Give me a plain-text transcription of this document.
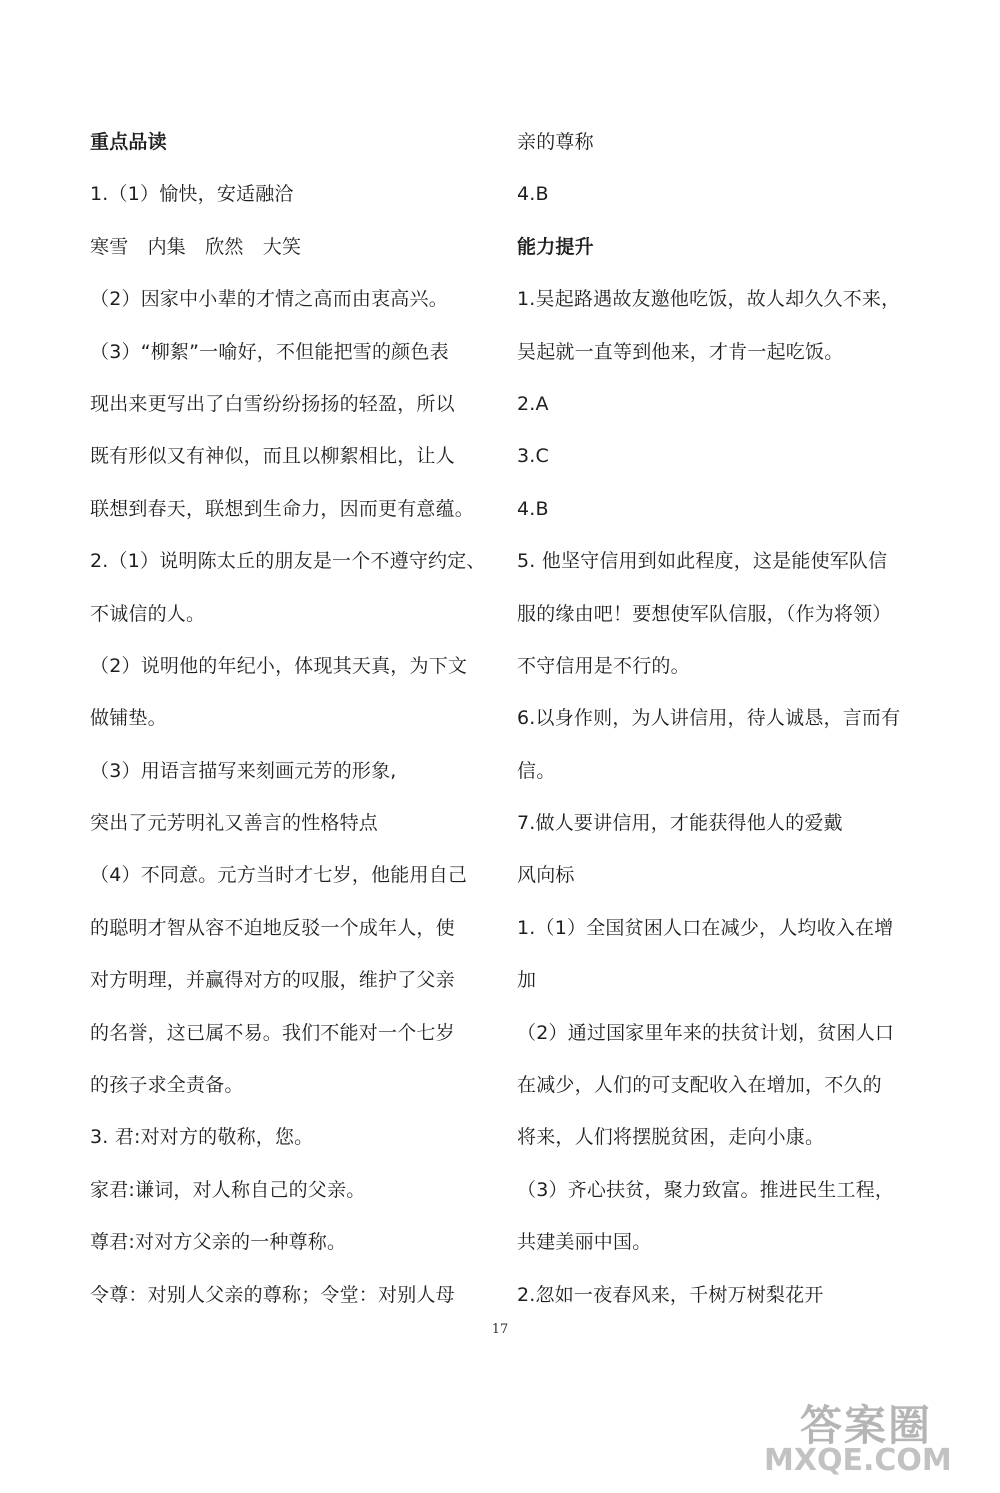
重点品读
1.（1）愉快，安适融洽
寒雪　内集　欣然　大笑
（2）因家中小辈的才情之高而由衷高兴。
（3）“柳絮”一喻好，不但能把雪的颜色表
现出来更写出了白雪纷纷扬扬的轻盈，所以
既有形似又有神似，而且以柳絮相比，让人
联想到春天，联想到生命力，因而更有意蕴。
2.（1）说明陈太丘的朋友是一个不遵守约定、
不诚信的人。
（2）说明他的年纪小，体现其天真，为下文
做铺垫。
（3）用语言描写来刻画元芳的形象,
突出了元芳明礼又善言的性格特点
（4）不同意。元方当时才七岁，他能用自己
的聪明才智从容不迫地反驳一个成年人，使
对方明理，并赢得对方的叹服，维护了父亲
的名誉，这已属不易。我们不能对一个七岁
的孩子求全责备。
3. 君:对对方的敬称，您。
家君:谦词，对人称自己的父亲。
尊君:对对方父亲的一种尊称。
令尊：对别人父亲的尊称；令堂：对别人母
亲的尊称
4.B
能力提升
1.吴起路遇故友邀他吃饭，故人却久久不来，
吴起就一直等到他来，才肯一起吃饭。
2.A
3.C
4.B
5. 他坚守信用到如此程度，这是能使军队信
服的缘由吧！要想使军队信服，（作为将领）
不守信用是不行的。
6.以身作则，为人讲信用，待人诚恳，言而有
信。
7.做人要讲信用，才能获得他人的爱戴
风向标
1.（1）全国贫困人口在减少，人均收入在增
加
（2）通过国家里年来的扶贫计划，贫困人口
在减少，人们的可支配收入在增加，不久的
将来，人们将摆脱贫困，走向小康。
（3）齐心扶贫，聚力致富。推进民生工程，
共建美丽中国。
2.忽如一夜春风来，千树万树梨花开
17
答案圈
MXQE.COM
